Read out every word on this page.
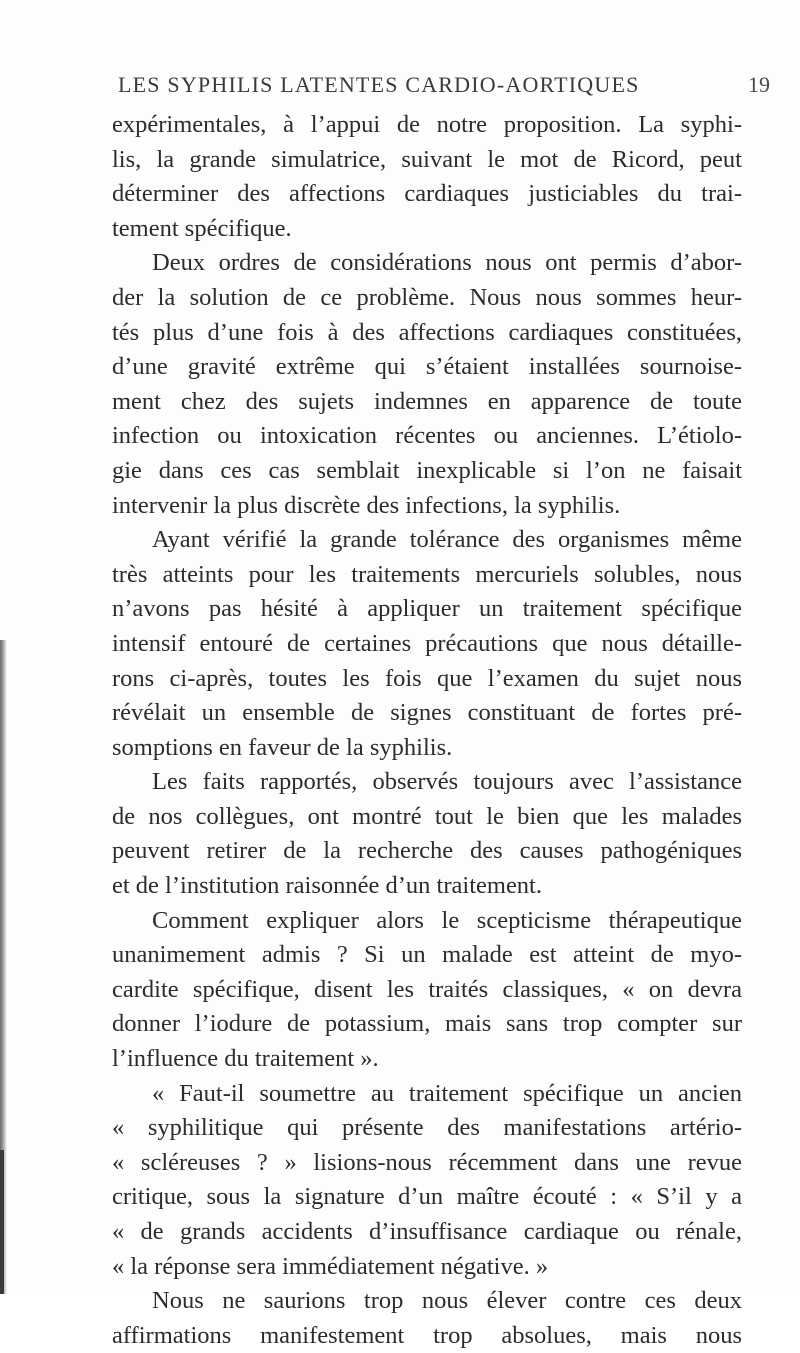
LES SYPHILIS LATENTES CARDIO-AORTIQUES	19
expérimentales, à l’appui de notre proposition. La syphi-
lis, la grande simulatrice, suivant le mot de Ricord, peut
déterminer des affections cardiaques justiciables du trai-
tement spécifique.
Deux ordres de considérations nous ont permis d’abor-
der la solution de ce problème. Nous nous sommes heur-
tés plus d’une fois à des affections cardiaques constituées,
d’une gravité extrême qui s’étaient installées sournoise-
ment chez des sujets indemnes en apparence de toute
infection ou intoxication récentes ou anciennes. L’étiolo-
gie dans ces cas semblait inexplicable si l’on ne faisait
intervenir la plus discrète des infections, la syphilis.
Ayant vérifié la grande tolérance des organismes même
très atteints pour les traitements mercuriels solubles, nous
n’avons pas hésité à appliquer un traitement spécifique
intensif entouré de certaines précautions que nous détaille-
rons ci-après, toutes les fois que l’examen du sujet nous
révélait un ensemble de signes constituant de fortes pré-
somptions en faveur de la syphilis.
Les faits rapportés, observés toujours avec l’assistance
de nos collègues, ont montré tout le bien que les malades
peuvent retirer de la recherche des causes pathogéniques
et de l’institution raisonnée d’un traitement.
Comment expliquer alors le scepticisme thérapeutique
unanimement admis ? Si un malade est atteint de myo-
cardite spécifique, disent les traités classiques, « on devra
donner l’iodure de potassium, mais sans trop compter sur
l’influence du traitement ».
« Faut-il soumettre au traitement spécifique un ancien
« syphilitique qui présente des manifestations artério-
« scléreuses ? » lisions-nous récemment dans une revue
critique, sous la signature d’un maître écouté : « S’il y a
« de grands accidents d’insuffisance cardiaque ou rénale,
« la réponse sera immédiatement négative. »
Nous ne saurions trop nous élever contre ces deux
affirmations manifestement trop absolues, mais nous
